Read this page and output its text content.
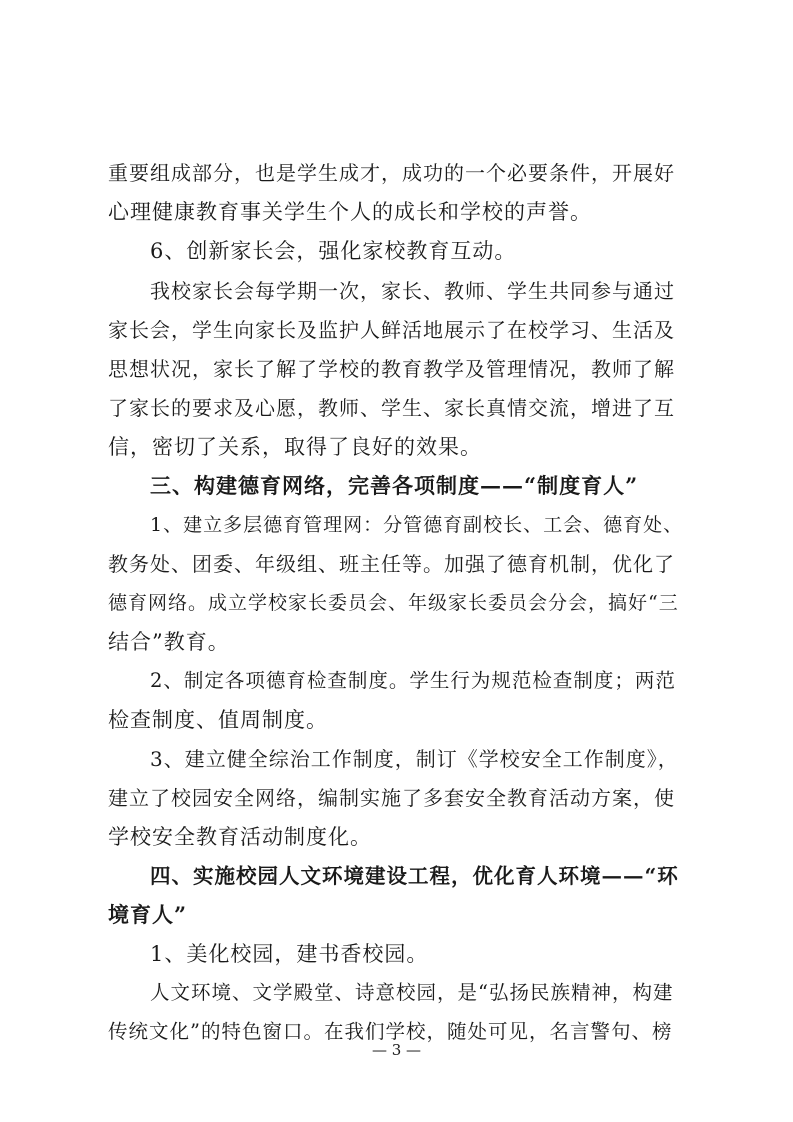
重要组成部分，也是学生成才，成功的一个必要条件，开展好
心理健康教育事关学生个人的成长和学校的声誉。
6、创新家长会，强化家校教育互动。
我校家长会每学期一次，家长、教师、学生共同参与通过
家长会，学生向家长及监护人鲜活地展示了在校学习、生活及
思想状况，家长了解了学校的教育教学及管理情况，教师了解
了家长的要求及心愿，教师、学生、家长真情交流，增进了互
信，密切了关系，取得了良好的效果。
三、构建德育网络，完善各项制度——“制度育人”
1、建立多层德育管理网：分管德育副校长、工会、德育处、
教务处、团委、年级组、班主任等。加强了德育机制，优化了
德育网络。成立学校家长委员会、年级家长委员会分会，搞好“三
结合”教育。
2、制定各项德育检查制度。学生行为规范检查制度；两范
检查制度、值周制度。
3、建立健全综治工作制度，制订《学校安全工作制度》，
建立了校园安全网络，编制实施了多套安全教育活动方案，使
学校安全教育活动制度化。
四、实施校园人文环境建设工程，优化育人环境——“环
境育人”
1、美化校园，建书香校园。
人文环境、文学殿堂、诗意校园，是“弘扬民族精神，构建
传统文化”的特色窗口。在我们学校，随处可见，名言警句、榜
— 3 —
